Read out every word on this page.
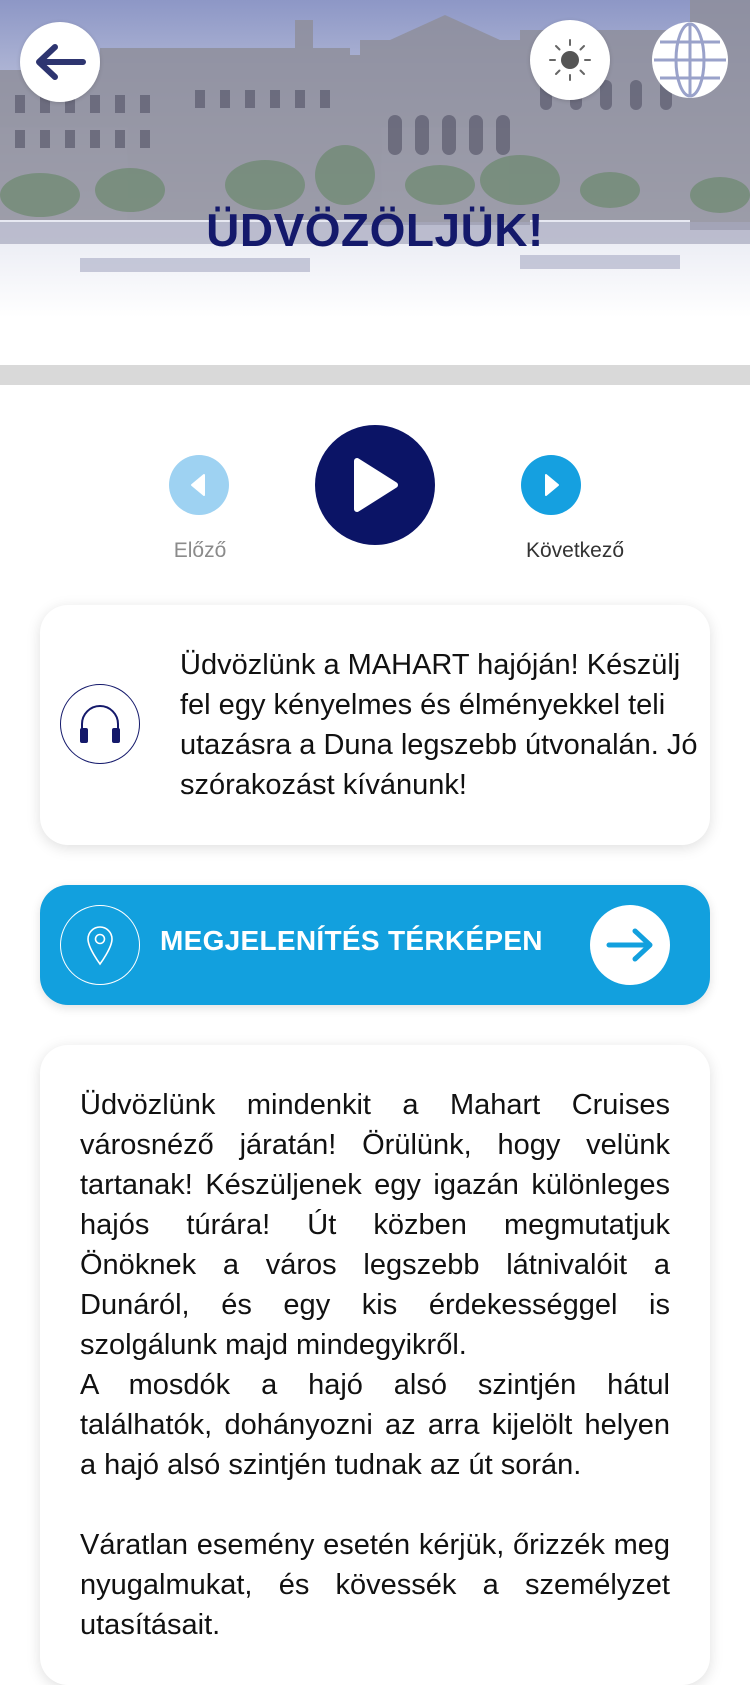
ÜDVÖZÖLJÜK!
Előző	Következő
Üdvözlünk a MAHART hajóján! Készülj fel egy kényelmes és élményekkel teli utazásra a Duna legszebb útvonalán. Jó szórakozást kívánunk!
MEGJELENÍTÉS TÉRKÉPEN

Üdvözlünk mindenkit a Mahart Cruises városnéző járatán! Örülünk, hogy velünk tartanak! Készüljenek egy igazán különleges hajós túrára! Út közben megmutatjuk Önöknek a város legszebb látnivalóit a Dunáról, és egy kis érdekességgel is szolgálunk majd mindegyikről.

A mosdók a hajó alsó szintjén hátul találhatók, dohányozni az arra kijelölt helyen a hajó alsó szintjén tudnak az út során.

Váratlan esemény esetén kérjük, őrizzék meg nyugalmukat, és kövessék a személyzet utasításait.
